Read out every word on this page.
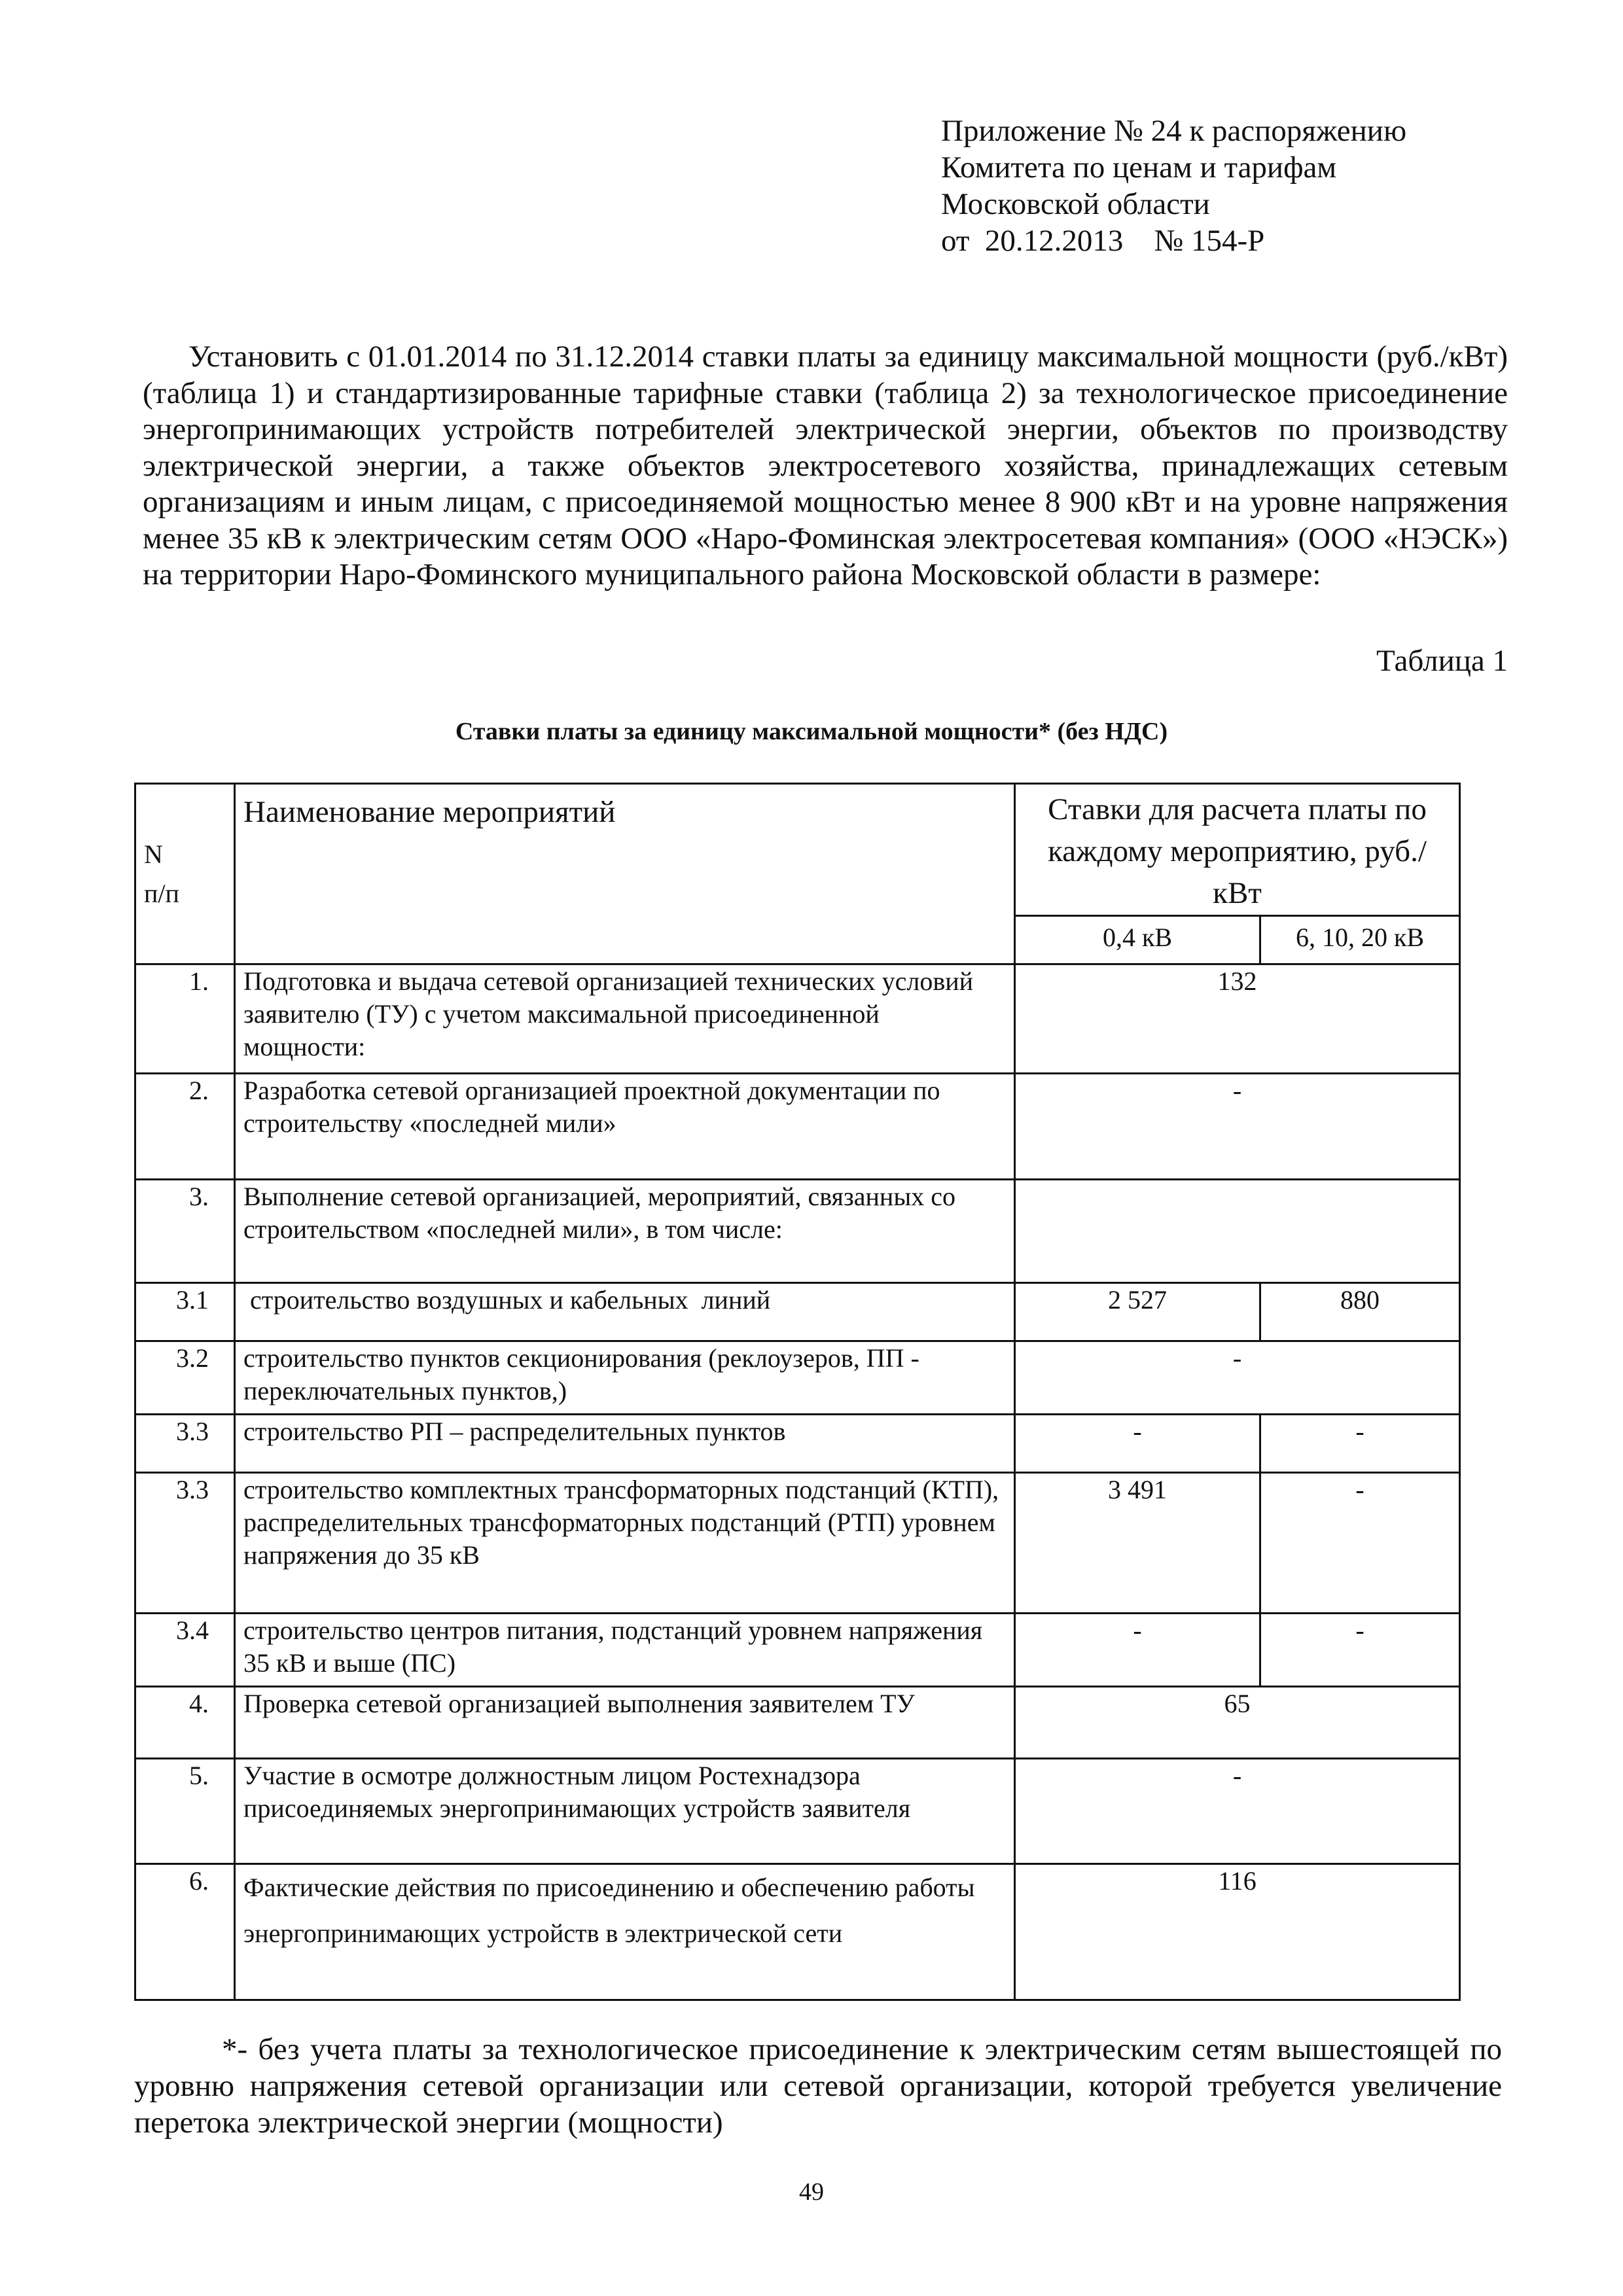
Приложение № 24 к распоряжению
Комитета по ценам и тарифам
Московской области
от  20.12.2013    № 154-Р

Установить с 01.01.2014 по 31.12.2014 ставки платы за единицу максимальной мощности (руб./кВт) (таблица 1) и стандартизированные тарифные ставки (таблица 2) за технологическое присоединение энергопринимающих устройств потребителей электрической энергии, объектов по производству электрической энергии, а также объектов электросетевого хозяйства, принадлежащих сетевым организациям и иным лицам, с присоединяемой мощностью менее 8 900 кВт и на уровне напряжения менее 35 кВ к электрическим сетям ООО «Наро-Фоминская электросетевая компания» (ООО «НЭСК») на территории Наро-Фоминского муниципального района Московской области в размере:

Таблица 1
Ставки платы за единицу максимальной мощности* (без НДС)
N
п/п	Наименование мероприятий	Ставки для расчета платы по каждому мероприятию, руб./кВт	
		0,4 кВ	6, 10, 20 кВ
1.	Подготовка и выдача сетевой организацией технических условий заявителю (ТУ) с учетом максимальной присоединенной мощности:	132	
2.	Разработка сетевой организацией проектной документации по строительству «последней мили»	-	
3.	Выполнение сетевой организацией, мероприятий, связанных со строительством «последней мили», в том числе:		
3.1	строительство воздушных и кабельных  линий	2 527	880
3.2	строительство пунктов секционирования (реклоузеров, ПП - переключательных пунктов,)	-	
3.3	строительство РП – распределительных пунктов	-	-
3.3	строительство комплектных трансформаторных подстанций (КТП), распределительных трансформаторных подстанций (РТП) уровнем напряжения до 35 кВ	3 491	-
3.4	строительство центров питания, подстанций уровнем напряжения 35 кВ и выше (ПС)	-	-
4.	Проверка сетевой организацией выполнения заявителем ТУ	65	
5.	Участие в осмотре должностным лицом Ростехнадзора присоединяемых энергопринимающих устройств заявителя	-	
6.	Фактические действия по присоединению и обеспечению работы энергопринимающих устройств в электрической сети	116	

*- без учета платы за технологическое присоединение к электрическим сетям вышестоящей по уровню напряжения сетевой организации или сетевой организации, которой требуется увеличение перетока электрической энергии (мощности)

49
